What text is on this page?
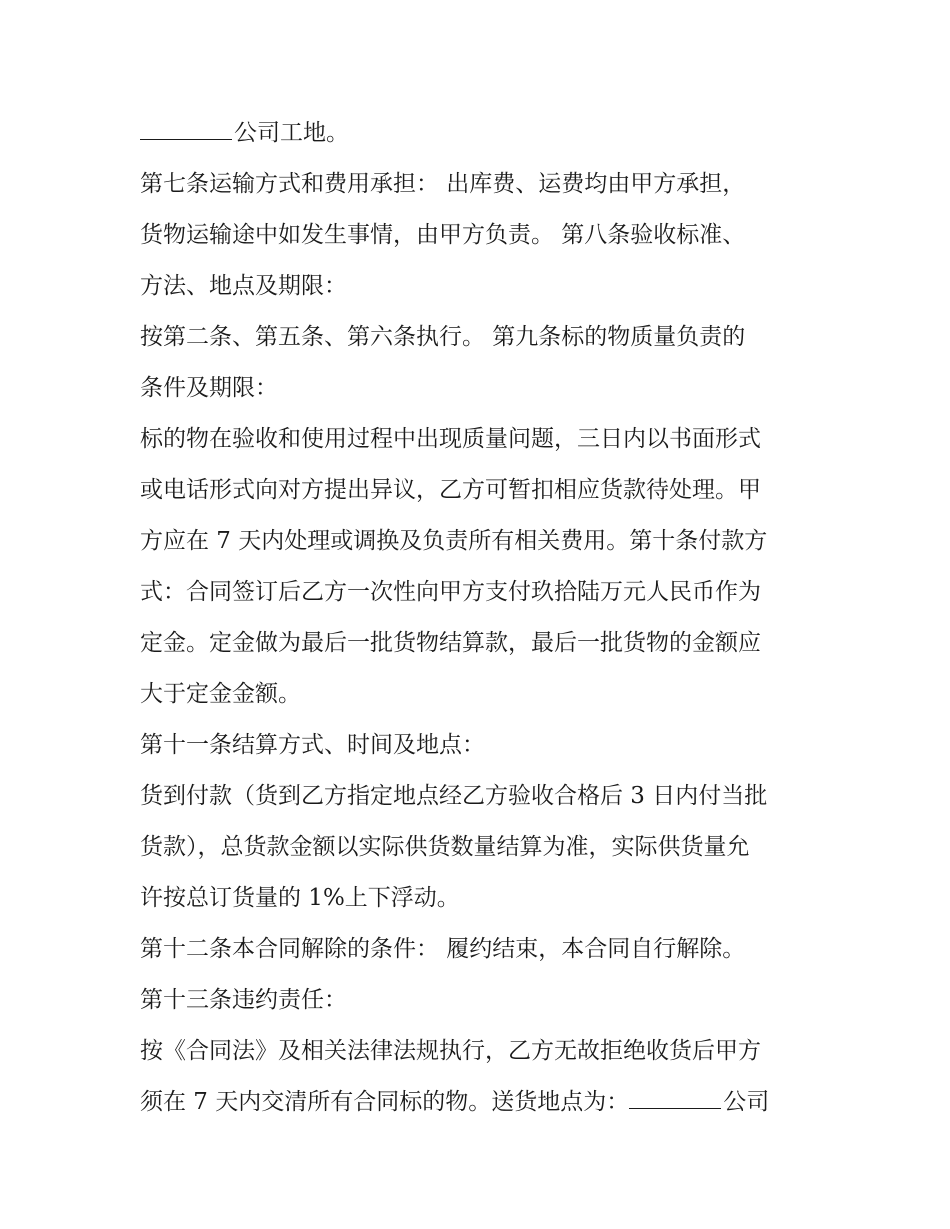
公司工地。

第七条运输方式和费用承担： 出库费、运费均由甲方承担，

货物运输途中如发生事情，由甲方负责。 第八条验收标准、

方法、地点及期限：

按第二条、第五条、第六条执行。 第九条标的物质量负责的

条件及期限：

标的物在验收和使用过程中出现质量问题，三日内以书面形式

或电话形式向对方提出异议，乙方可暂扣相应货款待处理。甲

方应在 7 天内处理或调换及负责所有相关费用。第十条付款方

式：合同签订后乙方一次性向甲方支付玖拾陆万元人民币作为

定金。定金做为最后一批货物结算款，最后一批货物的金额应

大于定金金额。

第十一条结算方式、时间及地点：

货到付款（货到乙方指定地点经乙方验收合格后 3 日内付当批

货款），总货款金额以实际供货数量结算为准，实际供货量允

许按总订货量的 1%上下浮动。

第十二条本合同解除的条件： 履约结束，本合同自行解除。

第十三条违约责任：

按《合同法》及相关法律法规执行，乙方无故拒绝收货后甲方

须在 7 天内交清所有合同标的物。送货地点为：	公司
